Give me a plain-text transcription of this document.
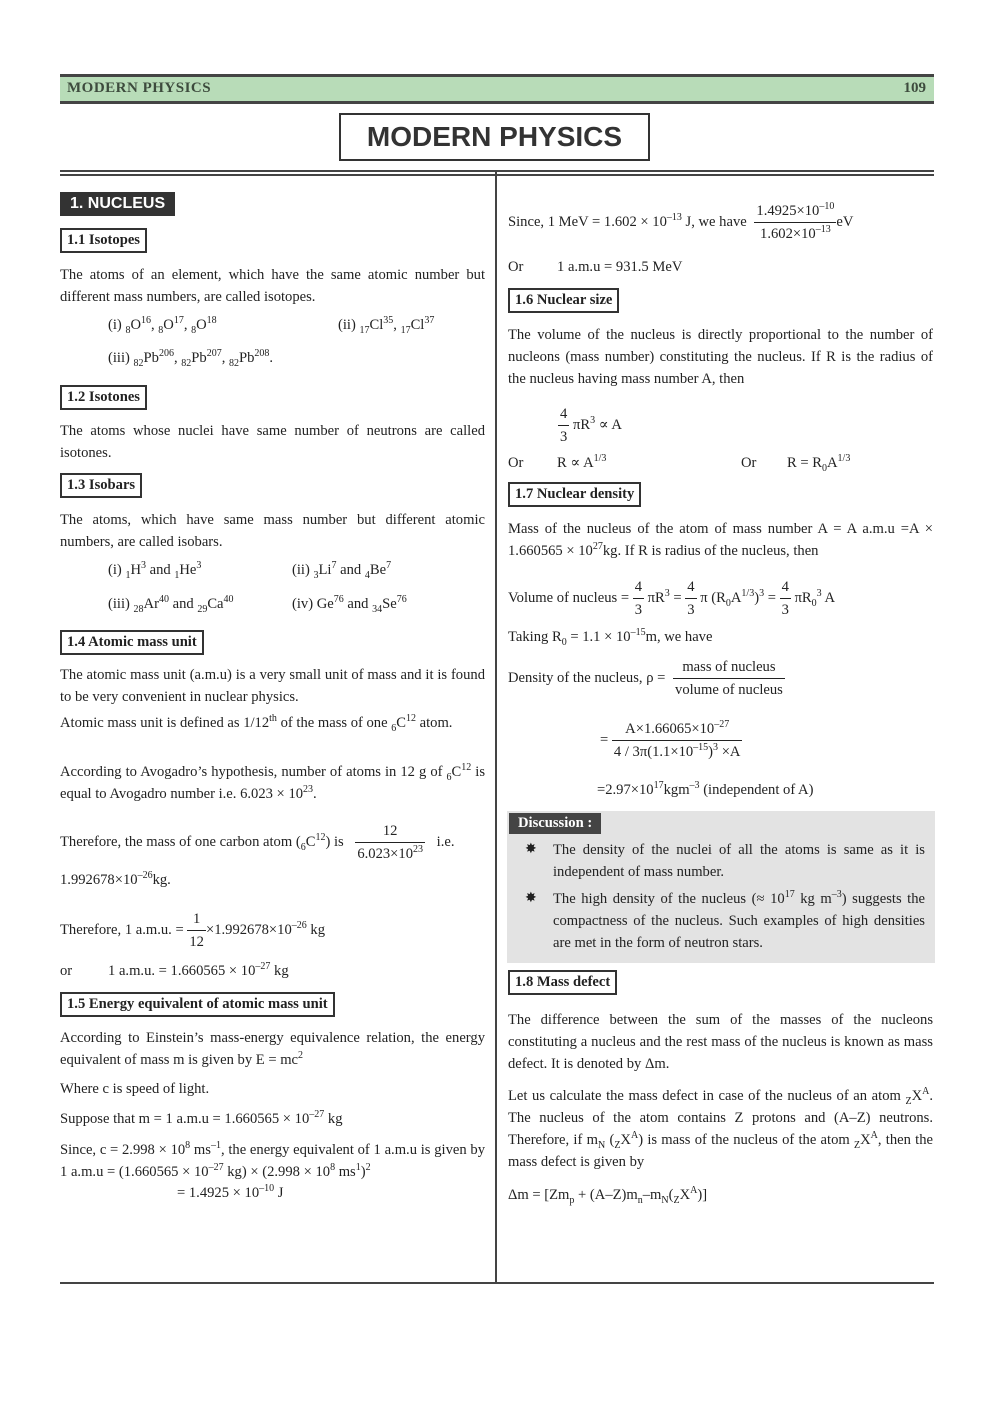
MODERN PHYSICS	109
MODERN PHYSICS
1. NUCLEUS
1.1 Isotopes
The atoms of an element, which have the same atomic number but different mass numbers, are called isotopes.
(i) $_8O^{16}$, $_8O^{17}$, $_8O^{18}$	(ii) $_{17}Cl^{35}$, $_{17}Cl^{37}$
(iii) $_{82}Pb^{206}$, $_{82}Pb^{207}$, $_{82}Pb^{208}$.
1.2 Isotones
The atoms whose nuclei have same number of neutrons are called isotones.
1.3 Isobars
The atoms, which have same mass number but different atomic numbers, are called isobars.
(i) $_1H^3$ and $_1He^3$	(ii) $_3Li^7$ and $_4Be^7$
(iii) $_{28}Ar^{40}$ and $_{29}Ca^{40}$	(iv) Ge$^{76}$ and $_{34}Se^{76}$
1.4 Atomic mass unit
The atomic mass unit (a.m.u) is a very small unit of mass and it is found to be very convenient in nuclear physics.
Atomic mass unit is defined as 1/12th of the mass of one $_6C^{12}$ atom.
According to Avogadro’s hypothesis, number of atoms in 12 g of $_6C^{12}$ is equal to Avogadro number i.e. $6.023 \times 10^{23}$.
Therefore, the mass of one carbon atom $(_6C^{12})$ is $\frac{12}{6.023\times 10^{23}} i.e$.
$1.992678\times 10^{-26}kg$.
Therefore, 1 a.m.u. = $\frac{1}{12} \times 1.992678\times 10^{-26}$ kg
or 1 a.m.u. = $1.660565 \times 10^{-27}$ kg
1.5 Energy equivalent of atomic mass unit
According to Einstein’s mass-energy equivalence relation, the energy equivalent of mass m is given by $E = mc^2$
Where c is speed of light.
Suppose that m = 1 $a.m.u = 1.660565 \times 10^{-27}$ kg
Since, $c = 2.998 \times 10^8$ $ms^{-1}$, the energy equivalent of 1 a.m.u is given by 1 $a.m.u = (1.660565 \times 10^{-27}$ $kg) \times (2.998 \times 10^8$ $ms^1)^2$
= $1.4925 \times 10^{-10}$ J
Since, 1 MeV = $1.602 \times 10^{-13}$ J, we have $\frac{1.4925\times 10^{-10}}{1.602\times 10^{-13}}$ eV
Or 1 a.m.u = 931.5 MeV
1.6 Nuclear size
The volume of the nucleus is directly proportional to the number of nucleons (mass number) constituting the nucleus. If R is the radius of the nucleus having mass number A, then
$\frac{4}{3} \pi R^3 \propto A$
Or $R \propto A^{1/3}$	Or $R = R_0A^{1/3}$
1.7 Nuclear density
Mass of the nucleus of the atom of mass number A = A $a.m.u =A \times 1.660565 \times 10^{27}kg$. If R is radius of the nucleus, then
Volume of nucleus = $\frac{4}{3} \pi R^3 = \frac{4}{3}$ π $(R_0A^{1/3})^3 = \frac{4}{3} \pi R_0^3$ A
Taking $R_0 = 1.1 \times 10^{-15}m$, we have
Density of the nucleus, $\rho = \frac{\text{mass of nucleus}}{\text{volume of nucleus}}$
= $\frac{A\times 1.66065\times 10^{-27}}{4 / 3\pi(1.1\times 10^{-15})^3 \times A}$
$=2.97\times 10^{17}kgm^{-3}$ (independent of A)
Discussion :
✸ The density of the nuclei of all the atoms is same as it is independent of mass number.
✸ The high density of the nucleus (≈ $10^{17}$ kg $m^{-3}$) suggests the compactness of the nucleus. Such examples of high densities are met in the form of neutron stars.
1.8 Mass defect
The difference between the sum of the masses of the nucleons constituting a nucleus and the rest mass of the nucleus is known as mass defect. It is denoted by Δm.
Let us calculate the mass defect in case of the nucleus of an atom $_ZX^A$. The nucleus of the atom contains Z protons and (A–Z) neutrons. Therefore, if $m_N$ $(_ZX^A)$ is mass of the nucleus of the atom $_ZX^A$, then the mass defect is given by
$\Delta m = [Zm_p + (A-Z)m_n-m_N(_ZX^A)]$
